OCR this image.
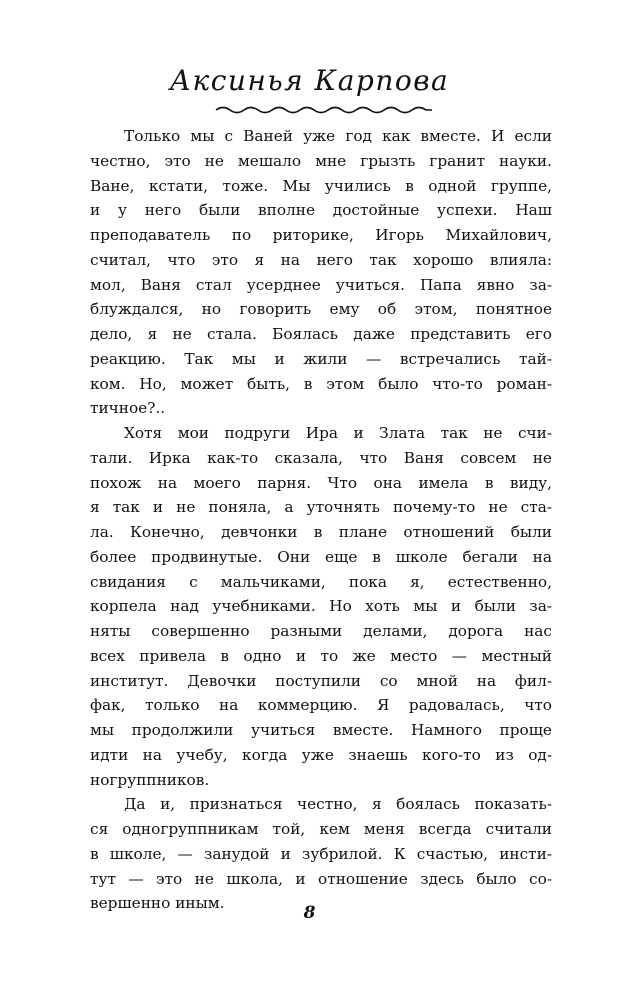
Аксинья Карпова
Только мы с Ваней уже год как вместе. И если
честно, это не мешало мне грызть гранит науки.
Ване, кстати, тоже. Мы учились в одной группе,
и у него были вполне достойные успехи. Наш
преподаватель по риторике, Игорь Михайлович,
считал, что это я на него так хорошо влияла:
мол, Ваня стал усерднее учиться. Папа явно за-
блуждался, но говорить ему об этом, понятное
дело, я не стала. Боялась даже представить его
реакцию. Так мы и жили — встречались тай-
ком. Но, может быть, в этом было что-то роман-
тичное?..
Хотя мои подруги Ира и Злата так не счи-
тали. Ирка как-то сказала, что Ваня совсем не
похож на моего парня. Что она имела в виду,
я так и не поняла, а уточнять почему-то не ста-
ла. Конечно, девчонки в плане отношений были
более продвинутые. Они еще в школе бегали на
свидания с мальчиками, пока я, естественно,
корпела над учебниками. Но хоть мы и были за-
няты совершенно разными делами, дорога нас
всех привела в одно и то же место — местный
институт. Девочки поступили со мной на фил-
фак, только на коммерцию. Я радовалась, что
мы продолжили учиться вместе. Намного проще
идти на учебу, когда уже знаешь кого-то из од-
ногруппников.
Да и, признаться честно, я боялась показать-
ся одногруппникам той, кем меня всегда считали
в школе, — занудой и зубрилой. К счастью, инсти-
тут — это не школа, и отношение здесь было со-
вершенно иным.	8
